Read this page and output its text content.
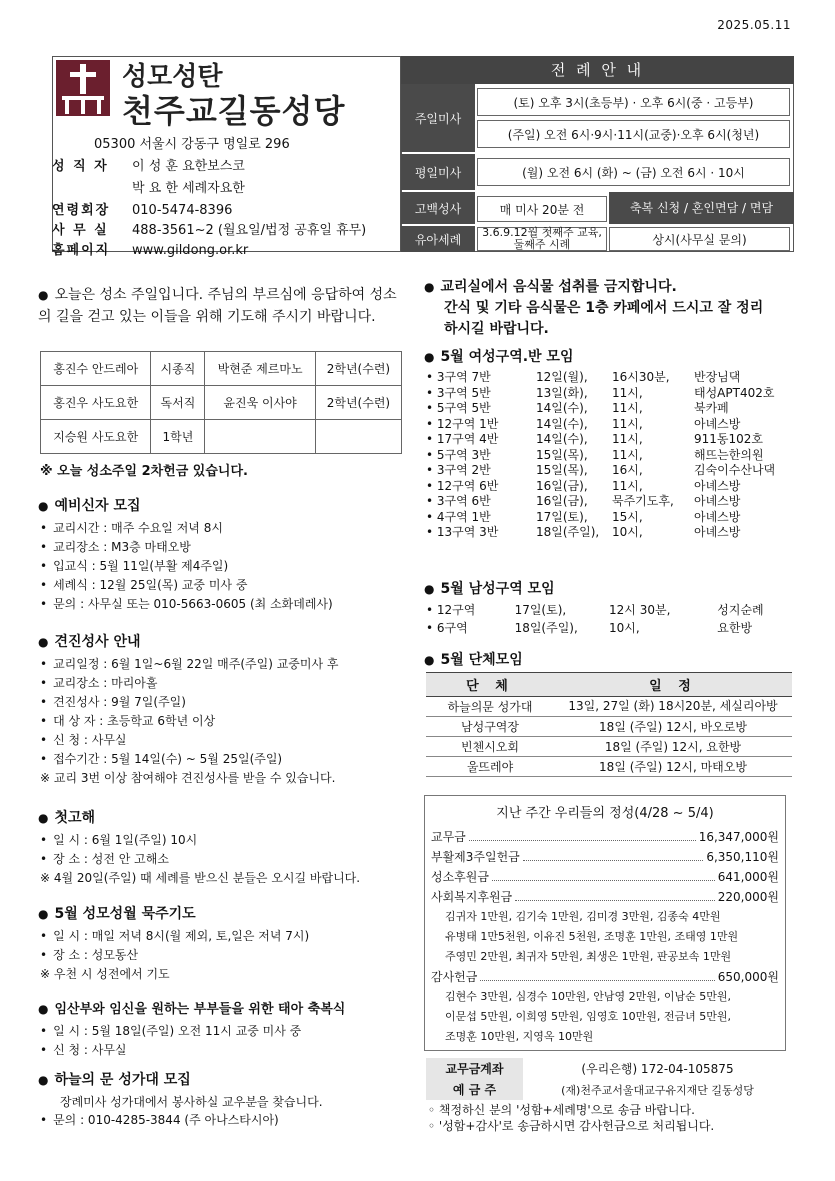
2025.05.11
성모성탄
천주교길동성당
05300 서울시 강동구 명일로 296
성 직 자 이 성 훈 요한보스코
박 요 한 세례자요한
연령회장 010-5474-8396
사 무 실 488-3561~2 (월요일/법정 공휴일 휴무)
홈페이지 www.gildong.or.kr
전 례 안 내
주일미사
(토) 오후 3시(초등부) · 오후 6시(중 · 고등부)
(주일) 오전 6시·9시·11시(교중)·오후 6시(청년)
평일미사	(월) 오전 6시 (화) ~ (금) 오전 6시 · 10시
고백성사	매 미사 20분 전	축복 신청 / 혼인면담 / 면담
유아세례	3.6.9.12월 첫째주 교육, 둘째주 시례	상시(사무실 문의)
● 오늘은 성소 주일입니다. 주님의 부르심에 응답하여 성소의 길을 걷고 있는 이들을 위해 기도해 주시기 바랍니다.
홍진수 안드레아	시종직	박현준 제르마노	2학년(수련)
홍진우 사도요한	독서직	윤진욱 이사야	2학년(수련)
지승원 사도요한	1학년		
※ 오늘 성소주일 2차헌금 있습니다.
● 예비신자 모집
• 교리시간 : 매주 수요일 저녁 8시
• 교리장소 : M3층 마태오방
• 입교식 : 5월 11일(부활 제4주일)
• 세례식 : 12월 25일(목) 교중 미사 중
• 문의 : 사무실 또는 010-5663-0605 (최 소화데레사)
● 견진성사 안내
• 교리일정 : 6월 1일~6월 22일 매주(주일) 교중미사 후
• 교리장소 : 마리아홀
• 견진성사 : 9월 7일(주일)
• 대 상 자 : 초등학교 6학년 이상
• 신 청 : 사무실
• 접수기간 : 5월 14일(수) ~ 5월 25일(주일)
※ 교리 3번 이상 참여해야 견진성사를 받을 수 있습니다.
● 첫고해
• 일 시 : 6월 1일(주일) 10시
• 장 소 : 성전 안 고해소
※ 4월 20일(주일) 때 세례를 받으신 분들은 오시길 바랍니다.
● 5월 성모성월 묵주기도
• 일 시 : 매일 저녁 8시(월 제외, 토,일은 저녁 7시)
• 장 소 : 성모동산
※ 우천 시 성전에서 기도
● 임산부와 임신을 원하는 부부들을 위한 태아 축복식
• 일 시 : 5월 18일(주일) 오전 11시 교중 미사 중
• 신 청 : 사무실
● 하늘의 문 성가대 모집
장례미사 성가대에서 봉사하실 교우분을 찾습니다.
• 문의 : 010-4285-3844 (주 아나스타시아)
● 교리실에서 음식물 섭취를 금지합니다.
간식 및 기타 음식물은 1층 카페에서 드시고 잘 정리하시길 바랍니다.
● 5월 여성구역.반 모임
• 3구역 7반	12일(월),	16시30분,	반장님댁
• 3구역 5반	13일(화),	11시,	태성APT402호
• 5구역 5반	14일(수),	11시,	북카페
• 12구역 1반	14일(수),	11시,	아녜스방
• 17구역 4반	14일(수),	11시,	911동102호
• 5구역 3반	15일(목),	11시,	해뜨는한의원
• 3구역 2반	15일(목),	16시,	김숙이수산나댁
• 12구역 6반	16일(금),	11시,	아녜스방
• 3구역 6반	16일(금),	묵주기도후,	아녜스방
• 4구역 1반	17일(토),	15시,	아녜스방
• 13구역 3반	18일(주일),	10시,	아녜스방
● 5월 남성구역 모임
• 12구역	17일(토),	12시 30분,	성지순례
• 6구역	18일(주일),	10시,	요한방
● 5월 단체모임
단 체	일 정
하늘의문 성가대	13일, 27일 (화) 18시20분, 세실리아방
남성구역장	18일 (주일) 12시, 바오로방
빈첸시오회	18일 (주일) 12시, 요한방
울뜨레야	18일 (주일) 12시, 마태오방
지난 주간 우리들의 정성(4/28 ~ 5/4)
교무금	16,347,000원
부활제3주일헌금	6,350,110원
성소후원금	641,000원
사회복지후원금	220,000원
김귀자 1만원, 김기숙 1만원, 김미경 3만원, 김종숙 4만원
유병태 1만5천원, 이유진 5천원, 조명훈 1만원, 조태영 1만원
주영민 2만원, 최귀자 5만원, 최생은 1만원, 판공보속 1만원
감사헌금	650,000원
김현수 3만원, 심경수 10만원, 안남영 2만원, 이남순 5만원,
이문섭 5만원, 이희영 5만원, 임영호 10만원, 전금녀 5만원,
조명훈 10만원, 지영옥 10만원
교무금계좌	(우리은행) 172-04-105875
예 금 주	(재)천주교서울대교구유지재단 길동성당
◦ 책정하신 분의 '성함+세례명'으로 송금 바랍니다.
◦ '성함+감사'로 송금하시면 감사헌금으로 처리됩니다.
